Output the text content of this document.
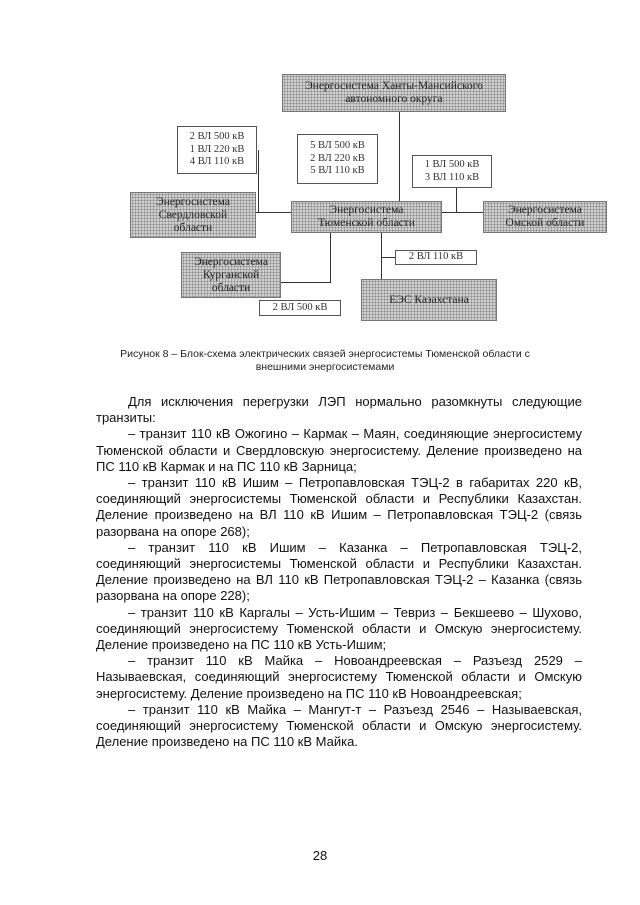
Энергосистема Ханты-Мансийского
автономного округа
Энергосистема
Свердловской
области
Энергосистема
Тюменской области
Энергосистема
Омской области
Энергосистема
Курганской
области
ЕЭС Казахстана
2 ВЛ 500 кВ
1 ВЛ 220 кВ
4 ВЛ 110 кВ
5 ВЛ 500 кВ
2 ВЛ 220 кВ
5 ВЛ 110 кВ
1 ВЛ 500 кВ
3 ВЛ 110 кВ
2 ВЛ 110 кВ
2 ВЛ 500 кВ
Рисунок 8 – Блок-схема электрических связей энергосистемы Тюменской области с внешними энергосистемами

Для исключения перегрузки ЛЭП нормально разомкнуты следующие транзиты:

– транзит 110 кВ Ожогино – Кармак – Маян, соединяющие энергосистему Тюменской области и Свердловскую энергосистему. Деление произведено на ПС 110 кВ Кармак и на ПС 110 кВ Зарница;

– транзит 110 кВ Ишим – Петропавловская ТЭЦ-2 в габаритах 220 кВ, соединяющий энергосистемы Тюменской области и Республики Казахстан. Деление произведено на ВЛ 110 кВ Ишим – Петропавловская ТЭЦ-2 (связь разорвана на опоре 268);

– транзит 110 кВ Ишим – Казанка – Петропавловская ТЭЦ-2, соединяющий энергосистемы Тюменской области и Республики Казахстан. Деление произведено на ВЛ 110 кВ Петропавловская ТЭЦ-2 – Казанка (связь разорвана на опоре 228);

– транзит 110 кВ Каргалы – Усть-Ишим – Тевриз – Бекшеево – Шухово, соединяющий энергосистему Тюменской области и Омскую энергосистему. Деление произведено на ПС 110 кВ Усть-Ишим;

– транзит 110 кВ Майка – Новоандреевская – Разъезд 2529 – Называевская, соединяющий энергосистему Тюменской области и Омскую энергосистему. Деление произведено на ПС 110 кВ Новоандреевская;

– транзит 110 кВ Майка – Мангут-т – Разъезд 2546 – Называевская, соединяющий энергосистему Тюменской области и Омскую энергосистему. Деление произведено на ПС 110 кВ Майка.

28
